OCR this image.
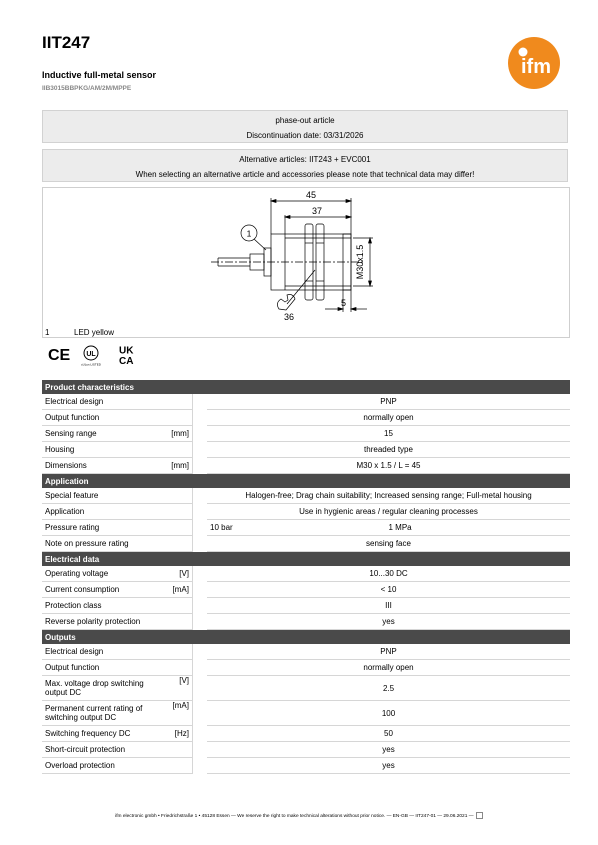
IIT247
Inductive full-metal sensor
IIB3015BBPKG/AM/2M/MPPE
ifm
phase-out article
Discontinuation date: 03/31/2026
Alternative articles: IIT243 + EVC001
When selecting an alternative article and accessories please note that technical data may differ!
45
37
1
M30x1.5
5
36
1	LED yellow
CE UL
cULus LISTED
UK
CA
Product characteristics			
Electrical design			PNP
Output function			normally open
Sensing range	[mm]		15
Housing			threaded type
Dimensions	[mm]		M30 x 1.5 / L = 45
Application			
Special feature			Halogen-free; Drag chain suitability; Increased sensing range; Full-metal housing
Application			Use in hygienic areas / regular cleaning processes
Pressure rating			10 bar 1 MPa

Note on pressure rating			sensing face
Electrical data			
Operating voltage	[V]		10...30 DC
Current consumption	[mA]		< 10
Protection class			III
Reverse polarity protection			yes
Outputs			
Electrical design			PNP
Output function			normally open
Max. voltage drop switching output DC	[V]		2.5
Permanent current rating of switching output DC	[mA]		100
Switching frequency DC	[Hz]		50
Short-circuit protection			yes
Overload protection			yes
ifm electronic gmbh • Friedrichstraße 1 • 45128 Essen — We reserve the right to make technical alterations without prior notice. — EN-GB — IIT247-01 — 29.06.2021 —
